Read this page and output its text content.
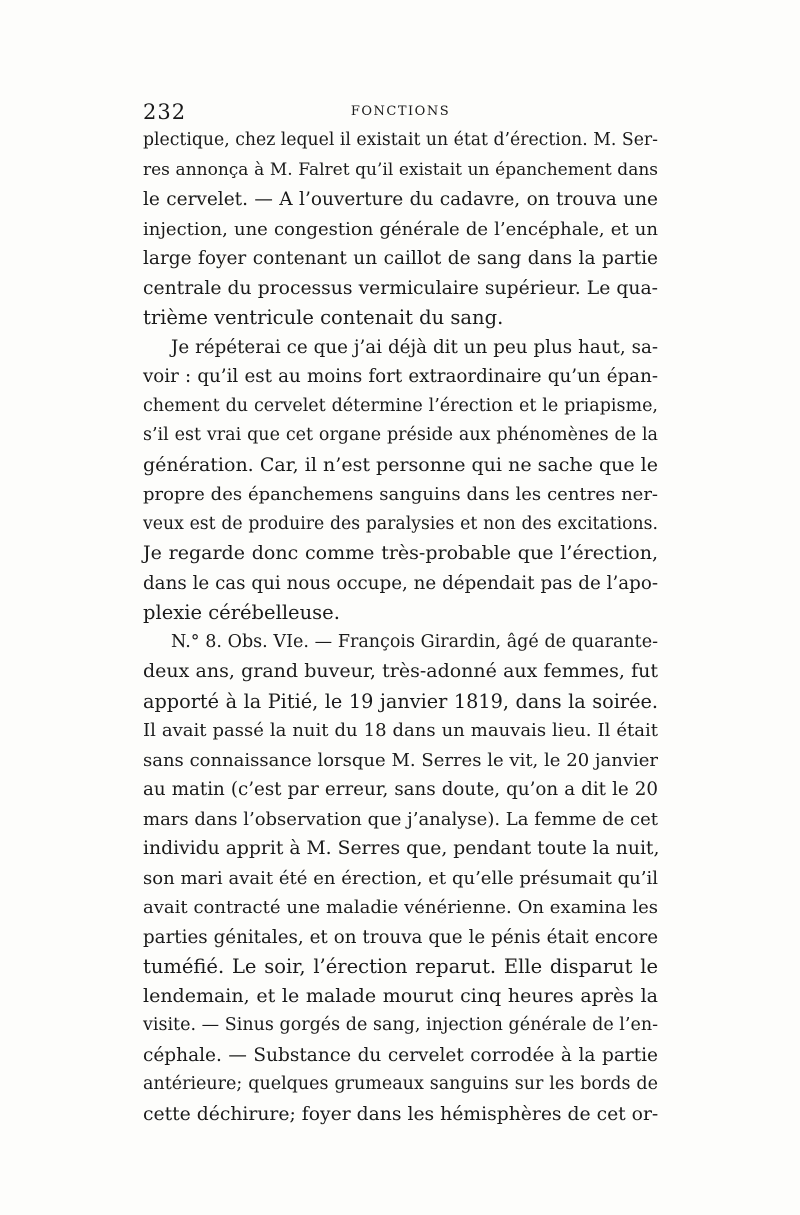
232	FONCTIONS
plectique, chez lequel il existait un état d’érection. M. Ser-
res annonça à M. Falret qu’il existait un épanchement dans
le cervelet. — A l’ouverture du cadavre, on trouva une
injection, une congestion générale de l’encéphale, et un
large foyer contenant un caillot de sang dans la partie
centrale du processus vermiculaire supérieur. Le qua-
trième ventricule contenait du sang.
Je répéterai ce que j’ai déjà dit un peu plus haut, sa-
voir : qu’il est au moins fort extraordinaire qu’un épan-
chement du cervelet détermine l’érection et le priapisme,
s’il est vrai que cet organe préside aux phénomènes de la
génération. Car, il n’est personne qui ne sache que le
propre des épanchemens sanguins dans les centres ner-
veux est de produire des paralysies et non des excitations.
Je regarde donc comme très-probable que l’érection,
dans le cas qui nous occupe, ne dépendait pas de l’apo-
plexie cérébelleuse.
N.° 8. Obs. VIe. — François Girardin, âgé de quarante-
deux ans, grand buveur, très-adonné aux femmes, fut
apporté à la Pitié, le 19 janvier 1819, dans la soirée.
Il avait passé la nuit du 18 dans un mauvais lieu. Il était
sans connaissance lorsque M. Serres le vit, le 20 janvier
au matin (c’est par erreur, sans doute, qu’on a dit le 20
mars dans l’observation que j’analyse). La femme de cet
individu apprit à M. Serres que, pendant toute la nuit,
son mari avait été en érection, et qu’elle présumait qu’il
avait contracté une maladie vénérienne. On examina les
parties génitales, et on trouva que le pénis était encore
tuméfié. Le soir, l’érection reparut. Elle disparut le
lendemain, et le malade mourut cinq heures après la
visite. — Sinus gorgés de sang, injection générale de l’en-
céphale. — Substance du cervelet corrodée à la partie
antérieure; quelques grumeaux sanguins sur les bords de
cette déchirure; foyer dans les hémisphères de cet or-
